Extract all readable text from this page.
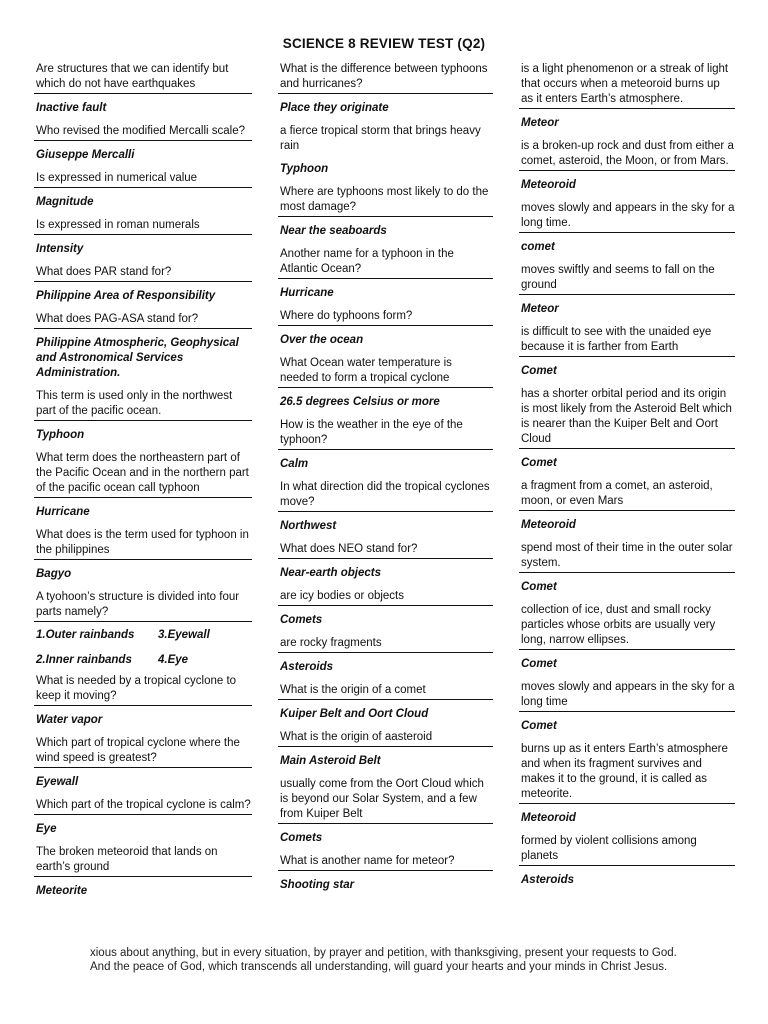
SCIENCE 8 REVIEW TEST (Q2)
Are structures that we can identify but which do not have earthquakes
Inactive fault
Who revised the modified Mercalli scale?
Giuseppe Mercalli
Is expressed in numerical value
Magnitude
Is expressed in roman numerals
Intensity
What does PAR stand for?
Philippine Area of Responsibility
What does PAG-ASA stand for?
Philippine Atmospheric, Geophysical and Astronomical Services Administration.
This term is used only in the northwest part of the pacific ocean.
Typhoon
What term does the northeastern part of the Pacific Ocean and in the northern part of the pacific ocean call typhoon
Hurricane
What does is the term used for typhoon in the philippines
Bagyo
A tyohoon’s structure is divided into four parts namely?
1.Outer rainbands	3.Eyewall
2.Inner rainbands	4.Eye
What is needed by a tropical cyclone to keep it moving?
Water vapor
Which part of tropical cyclone where the wind speed is greatest?
Eyewall
Which part of the tropical cyclone is calm?
Eye
The broken meteoroid that lands on earth’s ground
Meteorite
What is the difference between typhoons and hurricanes?
Place they originate
a fierce tropical storm that brings heavy rain
Typhoon
Where are typhoons most likely to do the most damage?
Near the seaboards
Another name for a typhoon in the Atlantic Ocean?
Hurricane
Where do typhoons form?
Over the ocean
What Ocean water temperature is needed to form a tropical cyclone
26.5 degrees Celsius or more
How is the weather in the eye of the typhoon?
Calm
In what direction did the tropical cyclones move?
Northwest
What does NEO stand for?
Near-earth objects
are icy bodies or objects
Comets
are rocky fragments
Asteroids
What is the origin of a comet
Kuiper Belt and Oort Cloud
What is the origin of aasteroid
Main Asteroid Belt
usually come from the Oort Cloud which is beyond our Solar System, and a few from Kuiper Belt
Comets
What is another name for meteor?
Shooting star
is a light phenomenon or a streak of light that occurs when a meteoroid burns up as it enters Earth’s atmosphere.
Meteor
is a broken-up rock and dust from either a comet, asteroid, the Moon, or from Mars.
Meteoroid
moves slowly and appears in the sky for a long time.
comet
moves swiftly and seems to fall on the ground
Meteor
is difficult to see with the unaided eye because it is farther from Earth
Comet
has a shorter orbital period and its origin is most likely from the Asteroid Belt which is nearer than the Kuiper Belt and Oort Cloud
Comet
a fragment from a comet, an asteroid, moon, or even Mars
Meteoroid
spend most of their time in the outer solar system.
Comet
collection of ice, dust and small rocky particles whose orbits are usually very long, narrow ellipses.
Comet
moves slowly and appears in the sky for a long time
Comet
burns up as it enters Earth’s atmosphere and when its fragment survives and makes it to the ground, it is called as meteorite.
Meteoroid
formed by violent collisions among planets
Asteroids
xious about anything, but in every situation, by prayer and petition, with thanksgiving, present your requests to God. And the peace of God, which transcends all understanding, will guard your hearts and your minds in Christ Jesus.
